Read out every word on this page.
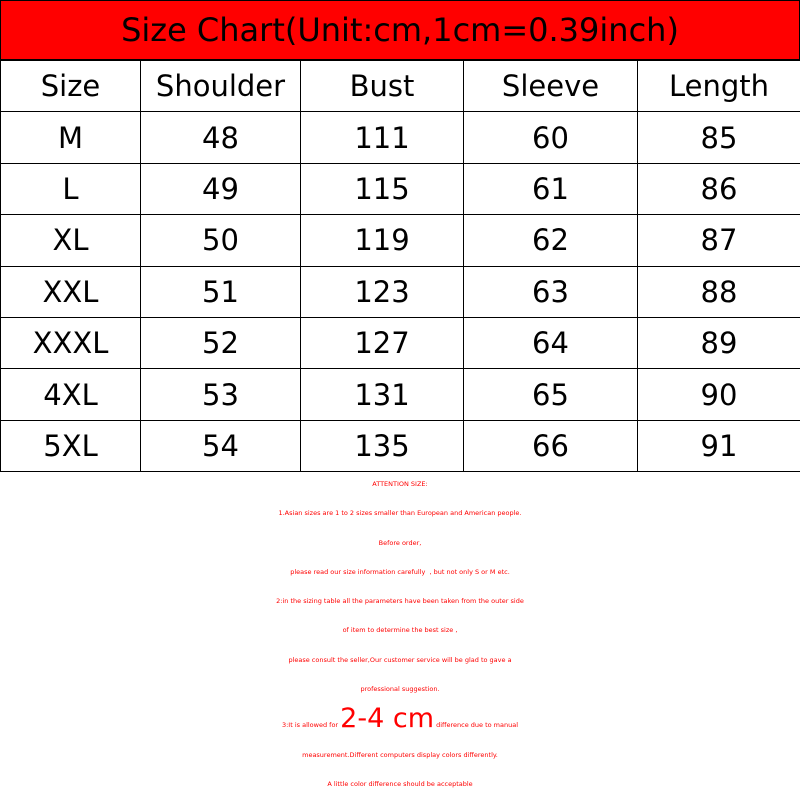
Size Chart(Unit:cm,1cm=0.39inch)
Size	Shoulder	Bust	Sleeve	Length
M	48	111	60	85
L	49	115	61	86
XL	50	119	62	87
XXL	51	123	63	88
XXXL	52	127	64	89
4XL	53	131	65	90
5XL	54	135	66	91
ATTENTION SIZE:
1.Asian sizes are 1 to 2 sizes smaller than European and American people.
Before order,
please read our size information carefully  , but not only S or M etc.
2:in the sizing table all the parameters have been taken from the outer side
of item to determine the best size ,
please consult the seller,Our customer service will be glad to gave a
professional suggestion.
3:It is allowed for 2-4 cm difference due to manual
measurement.Different computers display colors differently.
A little color difference should be acceptable
